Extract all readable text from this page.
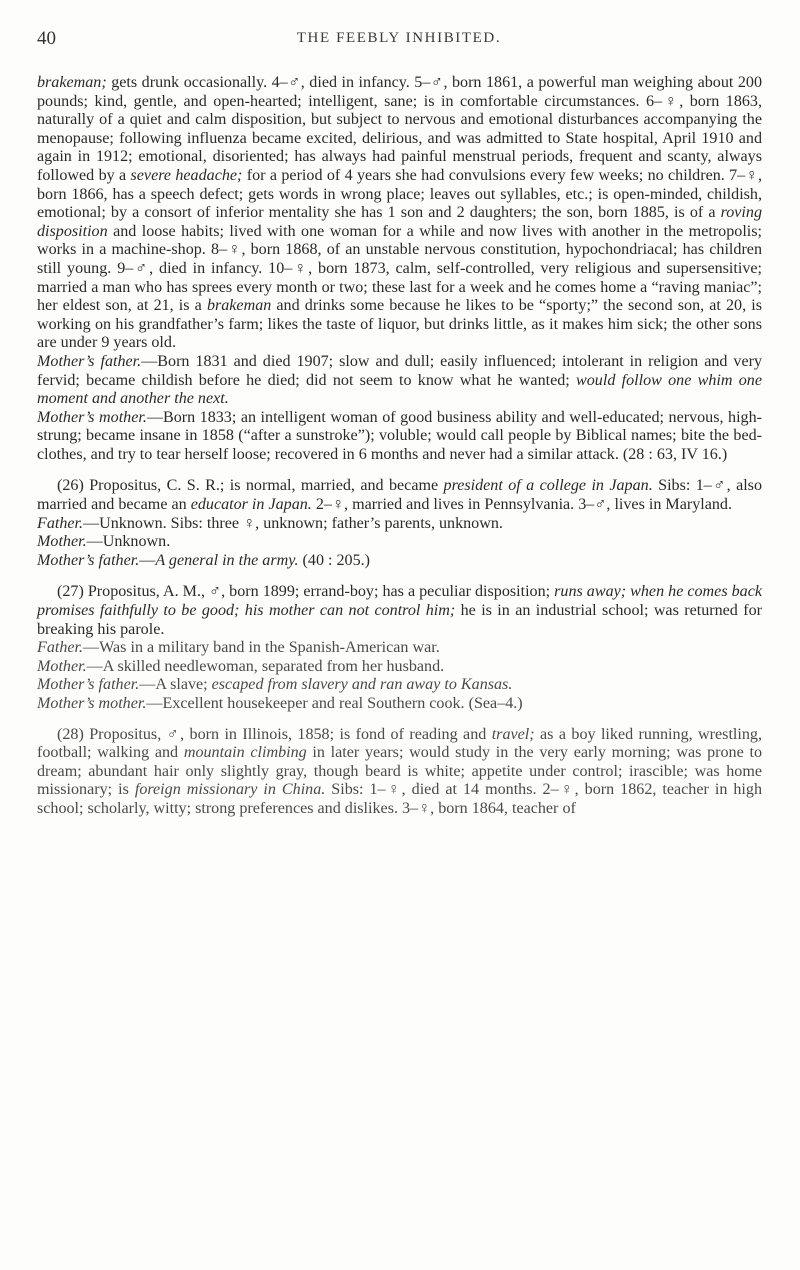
40	THE FEEBLY INHIBITED.

brakeman; gets drunk occasionally. 4–♂, died in infancy. 5–♂, born 1861, a powerful man weighing about 200 pounds; kind, gentle, and open-hearted; intelligent, sane; is in comfortable circumstances. 6–♀, born 1863, naturally of a quiet and calm disposition, but subject to nervous and emotional disturbances accompanying the menopause; following influenza became excited, delirious, and was admitted to State hospital, April 1910 and again in 1912; emotional, disoriented; has always had painful menstrual periods, frequent and scanty, always followed by a severe headache; for a period of 4 years she had convulsions every few weeks; no children. 7–♀, born 1866, has a speech defect; gets words in wrong place; leaves out syllables, etc.; is open-minded, childish, emotional; by a consort of inferior mentality she has 1 son and 2 daughters; the son, born 1885, is of a roving disposition and loose habits; lived with one woman for a while and now lives with another in the metropolis; works in a machine-shop. 8–♀, born 1868, of an unstable nervous constitution, hypochondriacal; has children still young. 9–♂, died in infancy. 10–♀, born 1873, calm, self-controlled, very religious and supersensitive; married a man who has sprees every month or two; these last for a week and he comes home a “raving maniac”; her eldest son, at 21, is a brakeman and drinks some because he likes to be “sporty;” the second son, at 20, is working on his grandfather’s farm; likes the taste of liquor, but drinks little, as it makes him sick; the other sons are under 9 years old.

Mother’s father.—Born 1831 and died 1907; slow and dull; easily influenced; intolerant in religion and very fervid; became childish before he died; did not seem to know what he wanted; would follow one whim one moment and another the next.

Mother’s mother.—Born 1833; an intelligent woman of good business ability and well-educated; nervous, high-strung; became insane in 1858 (“after a sunstroke”); voluble; would call people by Biblical names; bite the bed-clothes, and try to tear herself loose; recovered in 6 months and never had a similar attack. (28 : 63, IV 16.)

(26) Propositus, C. S. R.; is normal, married, and became president of a college in Japan. Sibs: 1–♂, also married and became an educator in Japan. 2–♀, married and lives in Pennsylvania. 3–♂, lives in Maryland.

Father.—Unknown. Sibs: three ♀, unknown; father’s parents, unknown.

Mother.—Unknown.

Mother’s father.—A general in the army. (40 : 205.)

(27) Propositus, A. M., ♂, born 1899; errand-boy; has a peculiar disposition; runs away; when he comes back promises faithfully to be good; his mother can not control him; he is in an industrial school; was returned for breaking his parole.

Father.—Was in a military band in the Spanish-American war.

Mother.—A skilled needlewoman, separated from her husband.

Mother’s father.—A slave; escaped from slavery and ran away to Kansas.

Mother’s mother.—Excellent housekeeper and real Southern cook. (Sea–4.)

(28) Propositus, ♂, born in Illinois, 1858; is fond of reading and travel; as a boy liked running, wrestling, football; walking and mountain climbing in later years; would study in the very early morning; was prone to dream; abundant hair only slightly gray, though beard is white; appetite under control; irascible; was home missionary; is foreign missionary in China. Sibs: 1–♀, died at 14 months. 2–♀, born 1862, teacher in high school; scholarly, witty; strong preferences and dislikes. 3–♀, born 1864, teacher of
